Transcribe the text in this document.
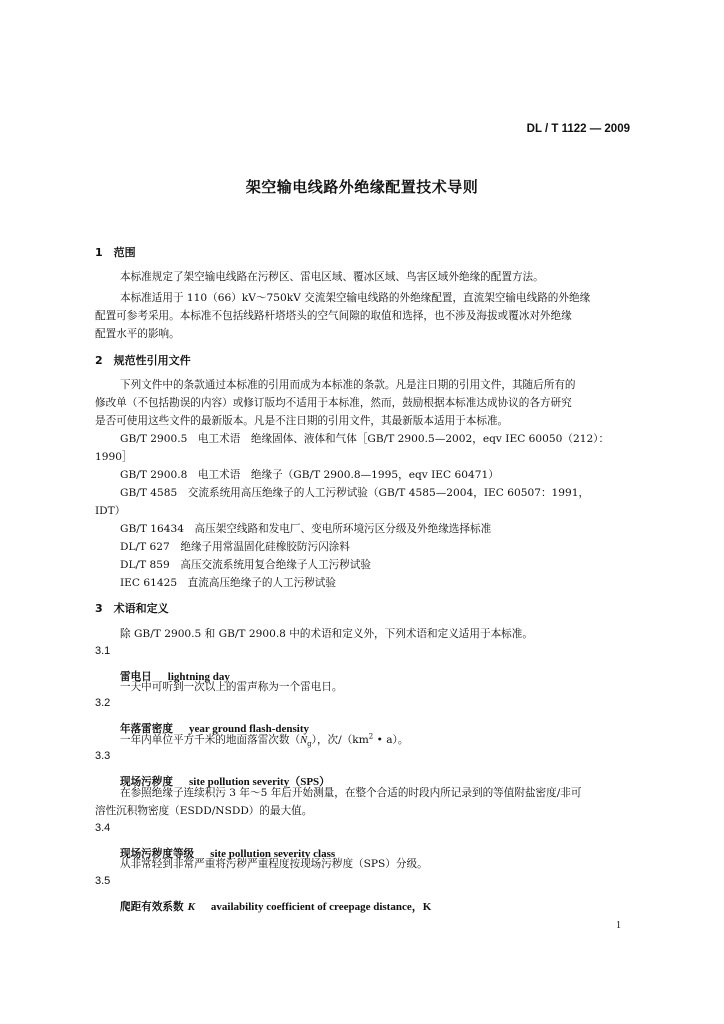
DL / T 1122 — 2009
架空输电线路外绝缘配置技术导则
1　范围
本标准规定了架空输电线路在污秽区、雷电区域、覆冰区域、鸟害区域外绝缘的配置方法。
本标准适用于 110（66）kV～750kV 交流架空输电线路的外绝缘配置，直流架空输电线路的外绝缘
配置可参考采用。本标准不包括线路杆塔塔头的空气间隙的取值和选择，也不涉及海拔或覆冰对外绝缘
配置水平的影响。
2　规范性引用文件
下列文件中的条款通过本标准的引用而成为本标准的条款。凡是注日期的引用文件，其随后所有的
修改单（不包括勘误的内容）或修订版均不适用于本标准，然而，鼓励根据本标准达成协议的各方研究
是否可使用这些文件的最新版本。凡是不注日期的引用文件，其最新版本适用于本标准。
GB/T 2900.5　电工术语　绝缘固体、液体和气体［GB/T 2900.5—2002，eqv IEC 60050（212）：
1990］
GB/T 2900.8　电工术语　绝缘子（GB/T 2900.8—1995，eqv IEC 60471）
GB/T 4585　交流系统用高压绝缘子的人工污秽试验（GB/T 4585—2004，IEC 60507：1991，
IDT）
GB/T 16434　高压架空线路和发电厂、变电所环境污区分级及外绝缘选择标准
DL/T 627　绝缘子用常温固化硅橡胶防污闪涂料
DL/T 859　高压交流系统用复合绝缘子人工污秽试验
IEC 61425　直流高压绝缘子的人工污秽试验
3　术语和定义
除 GB/T 2900.5 和 GB/T 2900.8 中的术语和定义外，下列术语和定义适用于本标准。
3.1
雷电日　 lightning day
一天中可听到一次以上的雷声称为一个雷电日。
3.2
年落雷密度　 year ground flash-density
一年内单位平方千米的地面落雷次数$(N_g)$，次$/(km^2$ • a）。
3.3
现场污秽度　 site pollution severity（SPS）
在参照绝缘子连续积污 3 年～5 年后开始测量，在整个合适的时段内所记录到的等值附盐密度/非可
溶性沉积物密度（ESDD/NSDD）的最大值。
3.4
现场污秽度等级　 site pollution severity class
从非常轻到非常严重将污秽严重程度按现场污秽度（SPS）分级。
3.5
爬距有效系数  K　 availability coefficient of creepage distance，K
1
